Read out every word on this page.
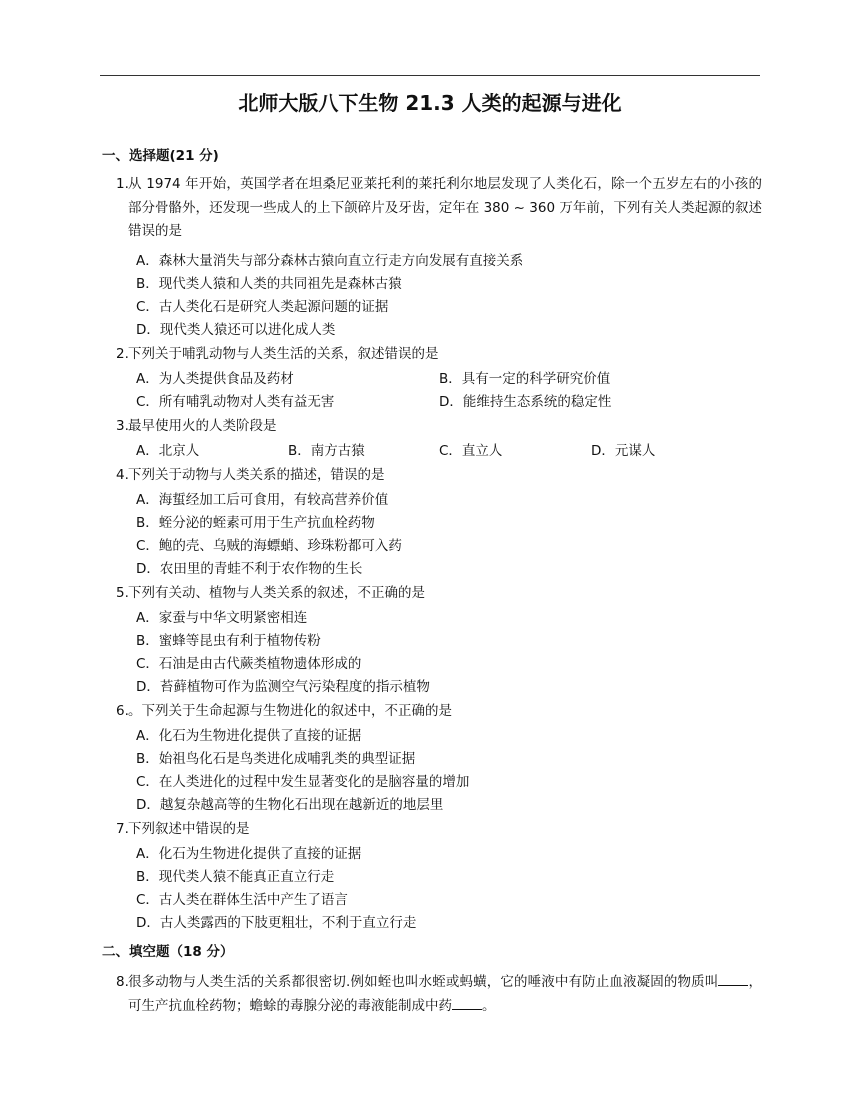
北师大版八下生物 21.3 人类的起源与进化
一、选择题(21 分)
1. 从 1974 年开始，英国学者在坦桑尼亚莱托利的莱托利尔地层发现了人类化石，除一个五岁左右的小孩的部分骨骼外，还发现一些成人的上下颌碎片及牙齿，定年在 380 ~ 360 万年前，下列有关人类起源的叙述错误的是
A．森林大量消失与部分森林古猿向直立行走方向发展有直接关系
B．现代类人猿和人类的共同祖先是森林古猿
C．古人类化石是研究人类起源问题的证据
D．现代类人猿还可以进化成人类
2. 下列关于哺乳动物与人类生活的关系，叙述错误的是
A．为人类提供食品及药材	B．具有一定的科学研究价值
C．所有哺乳动物对人类有益无害	D．能维持生态系统的稳定性
3. 最早使用火的人类阶段是
A．北京人	B．南方古猿	C．直立人	D．元谋人
4. 下列关于动物与人类关系的描述，错误的是
A．海蜇经加工后可食用，有较高营养价值
B．蛭分泌的蛭素可用于生产抗血栓药物
C．鲍的壳、乌贼的海螵蛸、珍珠粉都可入药
D．农田里的青蛙不利于农作物的生长
5. 下列有关动、植物与人类关系的叙述，不正确的是
A．家蚕与中华文明紧密相连
B．蜜蜂等昆虫有利于植物传粉
C．石油是由古代蕨类植物遗体形成的
D．苔藓植物可作为监测空气污染程度的指示植物
6. 。下列关于生命起源与生物进化的叙述中，不正确的是
A．化石为生物进化提供了直接的证据
B．始祖鸟化石是鸟类进化成哺乳类的典型证据
C．在人类进化的过程中发生显著变化的是脑容量的增加
D．越复杂越高等的生物化石出现在越新近的地层里
7. 下列叙述中错误的是
A．化石为生物进化提供了直接的证据
B．现代类人猿不能真正直立行走
C．古人类在群体生活中产生了语言
D．古人类露西的下肢更粗壮，不利于直立行走
二、填空题（18 分）
8. 很多动物与人类生活的关系都很密切.例如蛭也叫水蛭或蚂蟥，它的唾液中有防止血液凝固的物质叫 ，可生产抗血栓药物；蟾蜍的毒腺分泌的毒液能制成中药 。
